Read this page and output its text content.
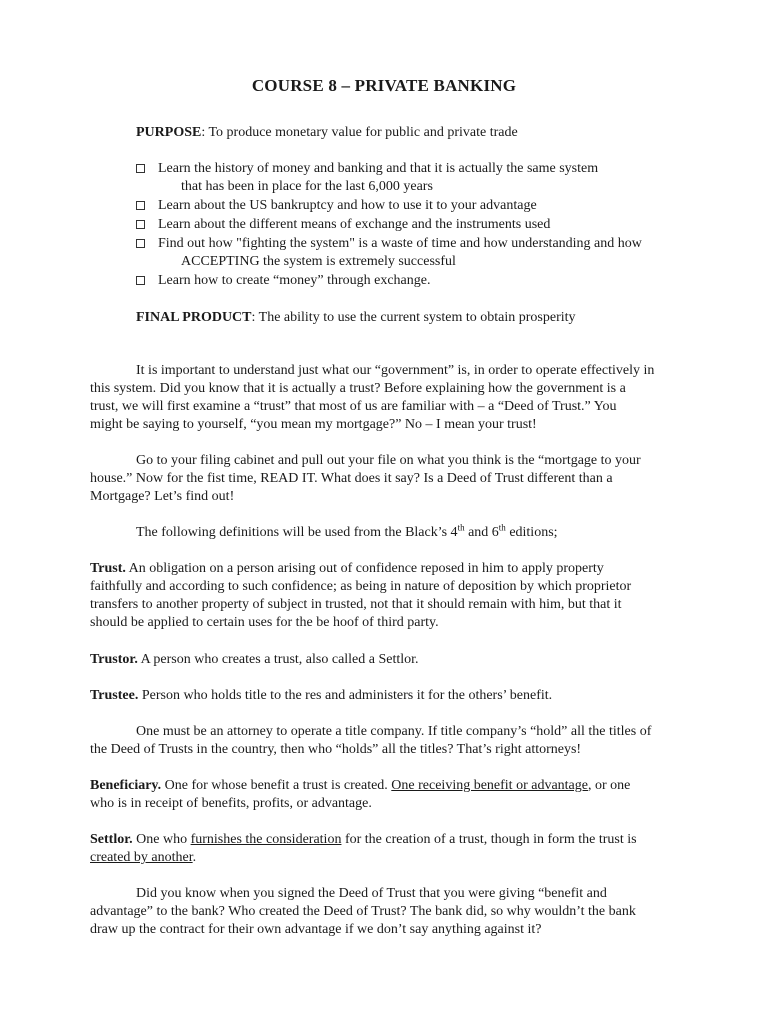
COURSE 8 – PRIVATE BANKING
PURPOSE: To produce monetary value for public and private trade
Learn the history of money and banking and that it is actually the same system
that has been in place for the last 6,000 years
Learn about the US bankruptcy and how to use it to your advantage
Learn about the different means of exchange and the instruments used
Find out how "fighting the system" is a waste of time and how understanding and how
ACCEPTING the system is extremely successful
Learn how to create “money” through exchange.
FINAL PRODUCT: The ability to use the current system to obtain prosperity
It is important to understand just what our “government” is, in order to operate effectively in
this system. Did you know that it is actually a trust? Before explaining how the government is a
trust, we will first examine a “trust” that most of us are familiar with – a “Deed of Trust.” You
might be saying to yourself, “you mean my mortgage?” No – I mean your trust!
Go to your filing cabinet and pull out your file on what you think is the “mortgage to your
house.” Now for the fist time, READ IT. What does it say? Is a Deed of Trust different than a
Mortgage? Let’s find out!
The following definitions will be used from the Black’s 4th and 6th editions;
Trust. An obligation on a person arising out of confidence reposed in him to apply property
faithfully and according to such confidence; as being in nature of deposition by which proprietor
transfers to another property of subject in trusted, not that it should remain with him, but that it
should be applied to certain uses for the be hoof of third party.
Trustor. A person who creates a trust, also called a Settlor.
Trustee. Person who holds title to the res and administers it for the others’ benefit.
One must be an attorney to operate a title company. If title company’s “hold” all the titles of
the Deed of Trusts in the country, then who “holds” all the titles? That’s right attorneys!
Beneficiary. One for whose benefit a trust is created. One receiving benefit or advantage, or one
who is in receipt of benefits, profits, or advantage.
Settlor. One who furnishes the consideration for the creation of a trust, though in form the trust is
created by another.
Did you know when you signed the Deed of Trust that you were giving “benefit and
advantage” to the bank? Who created the Deed of Trust? The bank did, so why wouldn’t the bank
draw up the contract for their own advantage if we don’t say anything against it?
